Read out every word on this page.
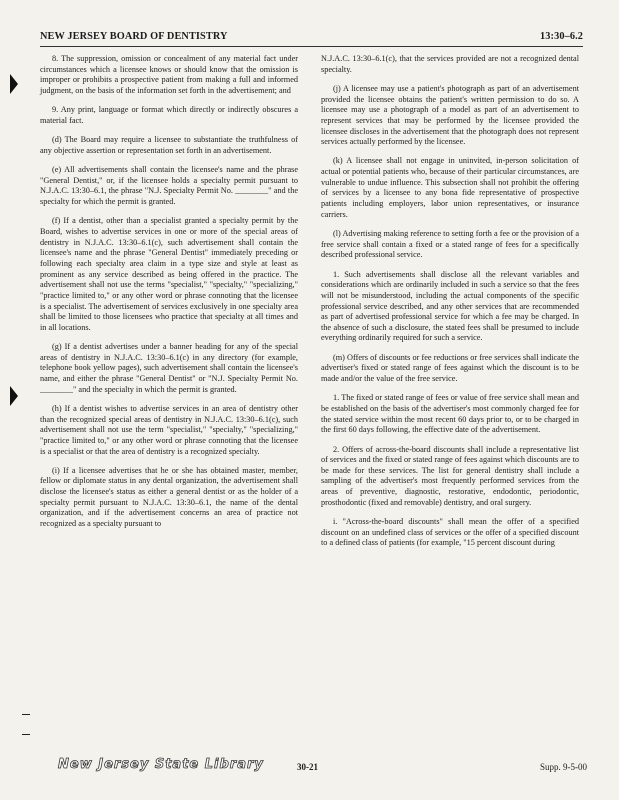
NEW JERSEY BOARD OF DENTISTRY	13:30–6.2

8. The suppression, omission or concealment of any material fact under circumstances which a licensee knows or should know that the omission is improper or prohibits a prospective patient from making a full and informed judgment, on the basis of the information set forth in the advertisement; and

9. Any print, language or format which directly or indirectly obscures a material fact.

(d) The Board may require a licensee to substantiate the truthfulness of any objective assertion or representation set forth in an advertisement.

(e) All advertisements shall contain the licensee's name and the phrase "General Dentist," or, if the licensee holds a specialty permit pursuant to N.J.A.C. 13:30–6.1, the phrase "N.J. Specialty Permit No. ________" and the specialty for which the permit is granted.

(f) If a dentist, other than a specialist granted a specialty permit by the Board, wishes to advertise services in one or more of the special areas of dentistry in N.J.A.C. 13:30–6.1(c), such advertisement shall contain the licensee's name and the phrase "General Dentist" immediately preceding or following each specialty area claim in a type size and style at least as prominent as any service described as being offered in the practice. The advertisement shall not use the terms "specialist," "specialty," "specializing," "practice limited to," or any other word or phrase connoting that the licensee is a specialist. The advertisement of services exclusively in one specialty area shall be limited to those licensees who practice that specialty at all times and in all locations.

(g) If a dentist advertises under a banner heading for any of the special areas of dentistry in N.J.A.C. 13:30–6.1(c) in any directory (for example, telephone book yellow pages), such advertisement shall contain the licensee's name, and either the phrase "General Dentist" or "N.J. Specialty Permit No. ________" and the specialty in which the permit is granted.

(h) If a dentist wishes to advertise services in an area of dentistry other than the recognized special areas of dentistry in N.J.A.C. 13:30–6.1(c), such advertisement shall not use the term "specialist," "specialty," "specializing," "practice limited to," or any other word or phrase connoting that the licensee is a specialist or that the area of dentistry is a recognized specialty.

(i) If a licensee advertises that he or she has obtained master, member, fellow or diplomate status in any dental organization, the advertisement shall disclose the licensee's status as either a general dentist or as the holder of a specialty permit pursuant to N.J.A.C. 13:30–6.1, the name of the dental organization, and if the advertisement concerns an area of practice not recognized as a specialty pursuant to

N.J.A.C. 13:30–6.1(c), that the services provided are not a recognized dental specialty.

(j) A licensee may use a patient's photograph as part of an advertisement provided the licensee obtains the patient's written permission to do so. A licensee may use a photograph of a model as part of an advertisement to represent services that may be performed by the licensee provided the licensee discloses in the advertisement that the photograph does not represent services actually performed by the licensee.

(k) A licensee shall not engage in uninvited, in-person solicitation of actual or potential patients who, because of their particular circumstances, are vulnerable to undue influence. This subsection shall not prohibit the offering of services by a licensee to any bona fide representative of prospective patients including employers, labor union representatives, or insurance carriers.

(l) Advertising making reference to setting forth a fee or the provision of a free service shall contain a fixed or a stated range of fees for a specifically described professional service.

1. Such advertisements shall disclose all the relevant variables and considerations which are ordinarily included in such a service so that the fees will not be misunderstood, including the actual components of the specific professional service described, and any other services that are recommended as part of advertised professional service for which a fee may be charged. In the absence of such a disclosure, the stated fees shall be presumed to include everything ordinarily required for such a service.

(m) Offers of discounts or fee reductions or free services shall indicate the advertiser's fixed or stated range of fees against which the discount is to be made and/or the value of the free service.

1. The fixed or stated range of fees or value of free service shall mean and be established on the basis of the advertiser's most commonly charged fee for the stated service within the most recent 60 days prior to, or to be charged in the first 60 days following, the effective date of the advertisement.

2. Offers of across-the-board discounts shall include a representative list of services and the fixed or stated range of fees against which discounts are to be made for these services. The list for general dentistry shall include a sampling of the advertiser's most frequently performed services from the areas of preventive, diagnostic, restorative, endodontic, periodontic, prosthodontic (fixed and removable) dentistry, and oral surgery.

i. "Across-the-board discounts" shall mean the offer of a specified discount on an undefined class of services or the offer of a specified discount to a defined class of patients (for example, "15 percent discount during

New Jersey State Library	30-21	Supp. 9-5-00
